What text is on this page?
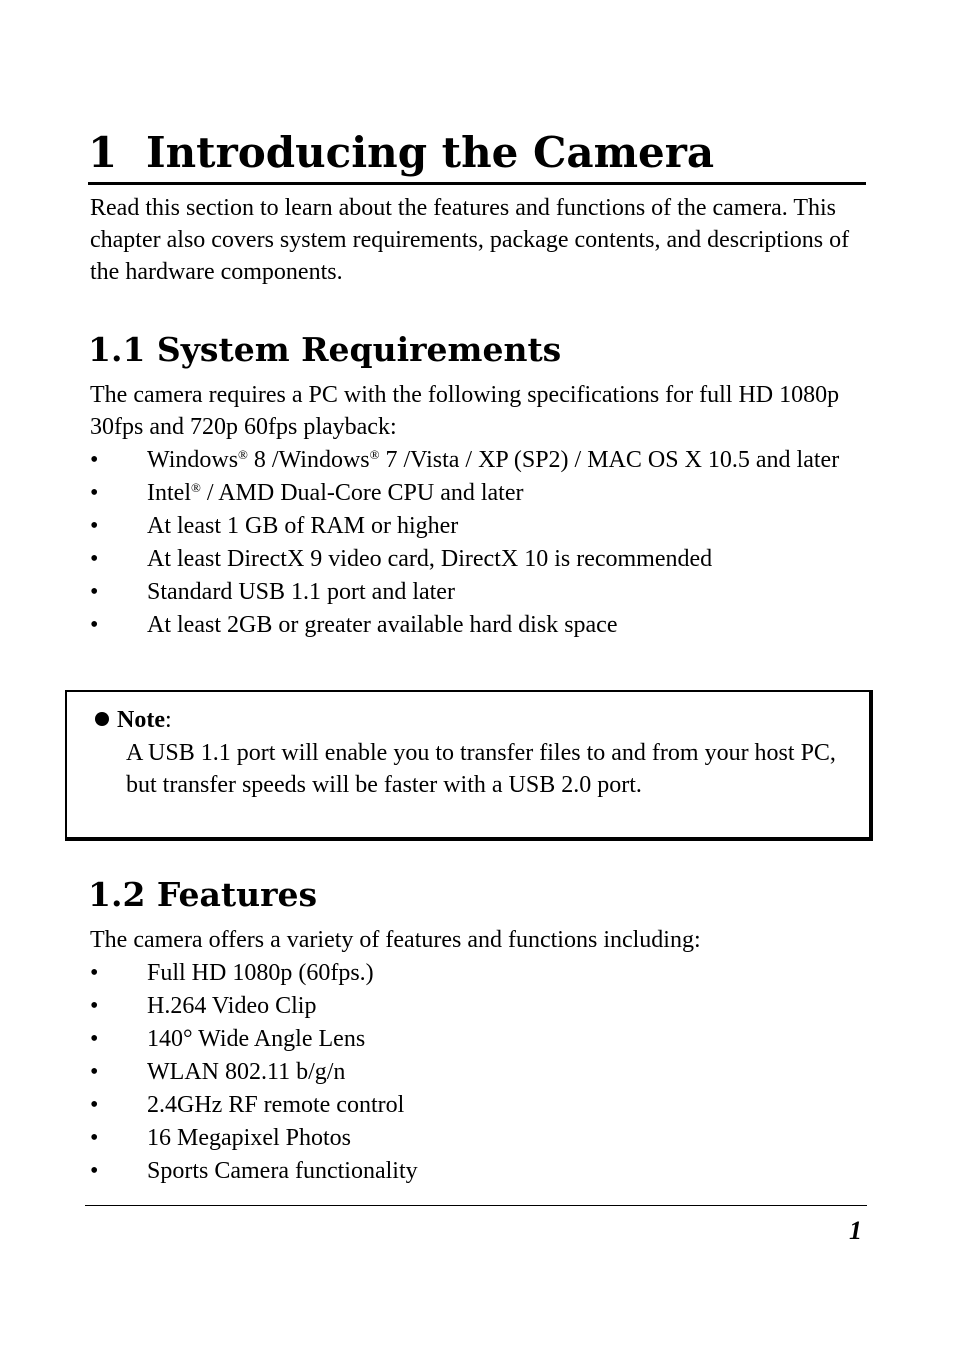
1 Introducing the Camera
Read this section to learn about the features and functions of the camera. This chapter also covers system requirements, package contents, and descriptions of the hardware components.
1.1 System Requirements
The camera requires a PC with the following specifications for full HD 1080p 30fps and 720p 60fps playback:
•	Windows® 8 /Windows® 7 /Vista / XP (SP2) / MAC OS X 10.5 and later
•	Intel® / AMD Dual-Core CPU and later
•	At least 1 GB of RAM or higher
•	At least DirectX 9 video card, DirectX 10 is recommended
•	Standard USB 1.1 port and later
•	At least 2GB or greater available hard disk space
Note:
A USB 1.1 port will enable you to transfer files to and from your host PC, but transfer speeds will be faster with a USB 2.0 port.
1.2 Features
The camera offers a variety of features and functions including:
•	Full HD 1080p (60fps.)
•	H.264 Video Clip
•	140° Wide Angle Lens
•	WLAN 802.11 b/g/n
•	2.4GHz RF remote control
•	16 Megapixel Photos
•	Sports Camera functionality
1
